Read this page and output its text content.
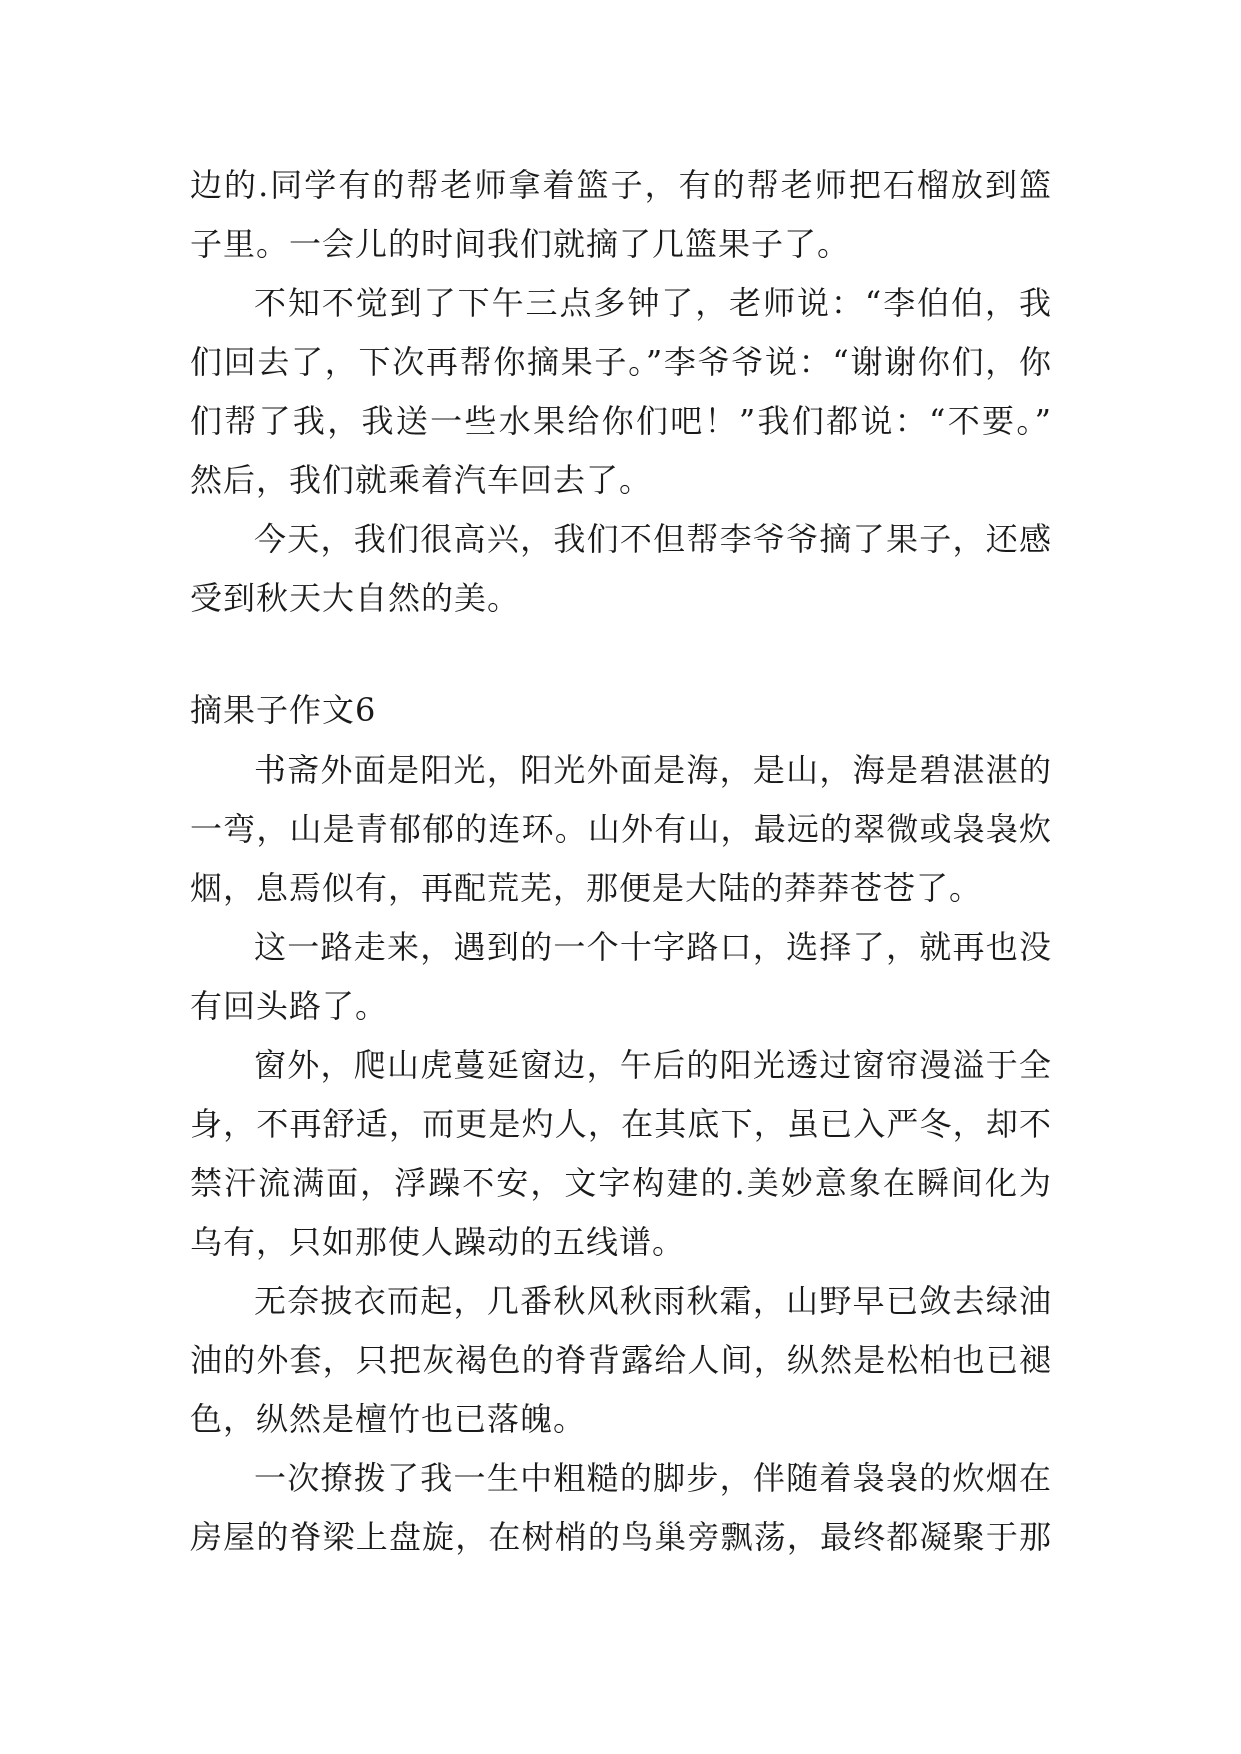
边的.同学有的帮老师拿着篮子，有的帮老师把石榴放到篮
子里。一会儿的时间我们就摘了几篮果子了。
不知不觉到了下午三点多钟了，老师说：“李伯伯，我
们回去了，下次再帮你摘果子。”李爷爷说：“谢谢你们，你
们帮了我，我送一些水果给你们吧！”我们都说：“不要。”
然后，我们就乘着汽车回去了。
今天，我们很高兴，我们不但帮李爷爷摘了果子，还感
受到秋天大自然的美。
摘果子作文6
书斋外面是阳光，阳光外面是海，是山，海是碧湛湛的
一弯，山是青郁郁的连环。山外有山，最远的翠微或袅袅炊
烟，息焉似有，再配荒芜，那便是大陆的莽莽苍苍了。
这一路走来，遇到的一个十字路口，选择了，就再也没
有回头路了。
窗外，爬山虎蔓延窗边，午后的阳光透过窗帘漫溢于全
身，不再舒适，而更是灼人，在其底下，虽已入严冬，却不
禁汗流满面，浮躁不安，文字构建的.美妙意象在瞬间化为
乌有，只如那使人躁动的五线谱。
无奈披衣而起，几番秋风秋雨秋霜，山野早已敛去绿油
油的外套，只把灰褐色的脊背露给人间，纵然是松柏也已褪
色，纵然是檀竹也已落魄。
一次撩拨了我一生中粗糙的脚步，伴随着袅袅的炊烟在
房屋的脊梁上盘旋，在树梢的鸟巢旁飘荡，最终都凝聚于那
